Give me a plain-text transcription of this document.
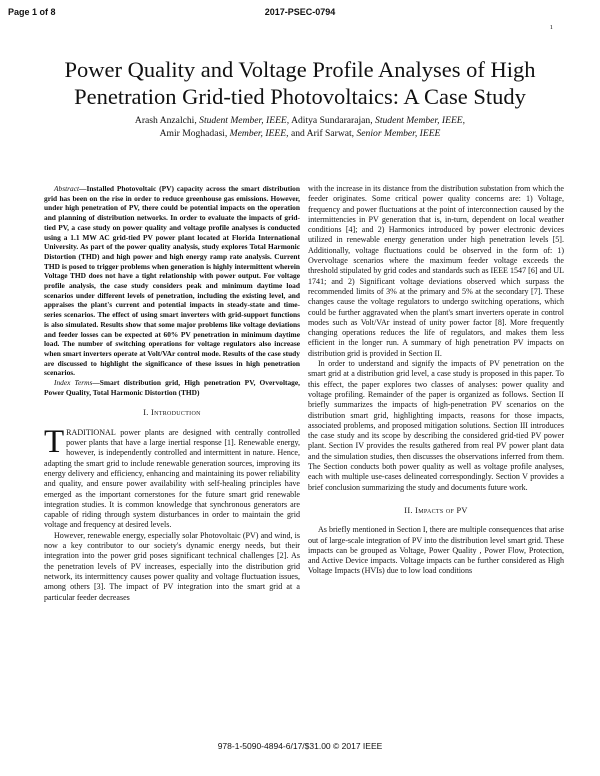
Page 1 of 8	2017-PSEC-0794
1
Power Quality and Voltage Profile Analyses of High Penetration Grid-tied Photovoltaics: A Case Study
Arash Anzalchi, Student Member, IEEE, Aditya Sundararajan, Student Member, IEEE,
Amir Moghadasi, Member, IEEE, and Arif Sarwat, Senior Member, IEEE

Abstract—Installed Photovoltaic (PV) capacity across the smart distribution grid has been on the rise in order to reduce greenhouse gas emissions. However, under high penetration of PV, there could be potential impacts on the operation and planning of distribution networks. In order to evaluate the impacts of grid-tied PV, a case study on power quality and voltage profile analyses is conducted using a 1.1 MW AC grid-tied PV power plant located at Florida International University. As part of the power quality analysis, study explores Total Harmonic Distortion (THD) and high power and high energy ramp rate analysis. Current THD is posed to trigger problems when generation is highly intermittent wherein Voltage THD does not have a tight relationship with power output. For voltage profile analysis, the case study considers peak and minimum daytime load scenarios under different levels of penetration, including the existing level, and appraises the plant's current and potential impacts in steady-state and time-series scenarios. The effect of using smart inverters with grid-support functions is also simulated. Results show that some major problems like voltage deviations and feeder losses can be expected at 60% PV penetration in minimum daytime load. The number of switching operations for voltage regulators also increase when smart inverters operate at Volt/VAr control mode. Results of the case study are discussed to highlight the significance of these issues in high penetration scenarios.

Index Terms—Smart distribution grid, High penetration PV, Overvoltage, Power Quality, Total Harmonic Distortion (THD)

I. Introduction

TRADITIONAL power plants are designed with centrally controlled power plants that have a large inertial response [1]. Renewable energy, however, is independently controlled and intermittent in nature. Hence, adapting the smart grid to include renewable generation sources, improving its energy delivery and efficiency, enhancing and maintaining its power reliability and quality, and ensure power availability with self-healing principles have emerged as the important cornerstones for the future smart grid renewable integration studies. It is common knowledge that synchronous generators are capable of riding through system disturbances in order to maintain the grid voltage and frequency at desired levels.

However, renewable energy, especially solar Photovoltaic (PV) and wind, is now a key contributor to our society's dynamic energy needs, but their integration into the power grid poses significant technical challenges [2]. As the penetration levels of PV increases, especially into the distribution grid network, its intermittency causes power quality and voltage fluctuation issues, among others [3]. The impact of PV integration into the smart grid at a particular feeder decreases

with the increase in its distance from the distribution substation from which the feeder originates. Some critical power quality concerns are: 1) Voltage, frequency and power fluctuations at the point of interconnection caused by the intermittencies in PV generation that is, in-turn, dependent on local weather conditions [4]; and 2) Harmonics introduced by power electronic devices utilized in renewable energy generation under high penetration levels [5]. Additionally, voltage fluctuations could be observed in the form of: 1) Overvoltage scenarios where the maximum feeder voltage exceeds the threshold stipulated by grid codes and standards such as IEEE 1547 [6] and UL 1741; and 2) Significant voltage deviations observed which surpass the recommended limits of 3% at the primary and 5% at the secondary [7]. These changes cause the voltage regulators to undergo switching operations, which could be further aggravated when the plant's smart inverters operate in control modes such as Volt/VAr instead of unity power factor [8]. More frequently changing operations reduces the life of regulators, and makes them less efficient in the longer run. A summary of high penetration PV impacts on distribution grid is provided in Section II.

In order to understand and signify the impacts of PV penetration on the smart grid at a distribution grid level, a case study is proposed in this paper. To this effect, the paper explores two classes of analyses: power quality and voltage profiling. Remainder of the paper is organized as follows. Section II briefly summarizes the impacts of high-penetration PV scenarios on the distribution smart grid, highlighting impacts, reasons for those impacts, associated problems, and proposed mitigation solutions. Section III introduces the case study and its scope by describing the considered grid-tied PV power plant. Section IV provides the results gathered from real PV power plant data and the simulation studies, then discusses the observations inferred from them. The Section conducts both power quality as well as voltage profile analyses, each with multiple use-cases delineated correspondingly. Section V provides a brief conclusion summarizing the study and documents future work.

II. Impacts of PV

As briefly mentioned in Section I, there are multiple consequences that arise out of large-scale integration of PV into the distribution level smart grid. These impacts can be grouped as Voltage, Power Quality , Power Flow, Protection, and Active Device impacts. Voltage impacts can be further considered as High Voltage Impacts (HVIs) due to low load conditions

978-1-5090-4894-6/17/$31.00 © 2017 IEEE
